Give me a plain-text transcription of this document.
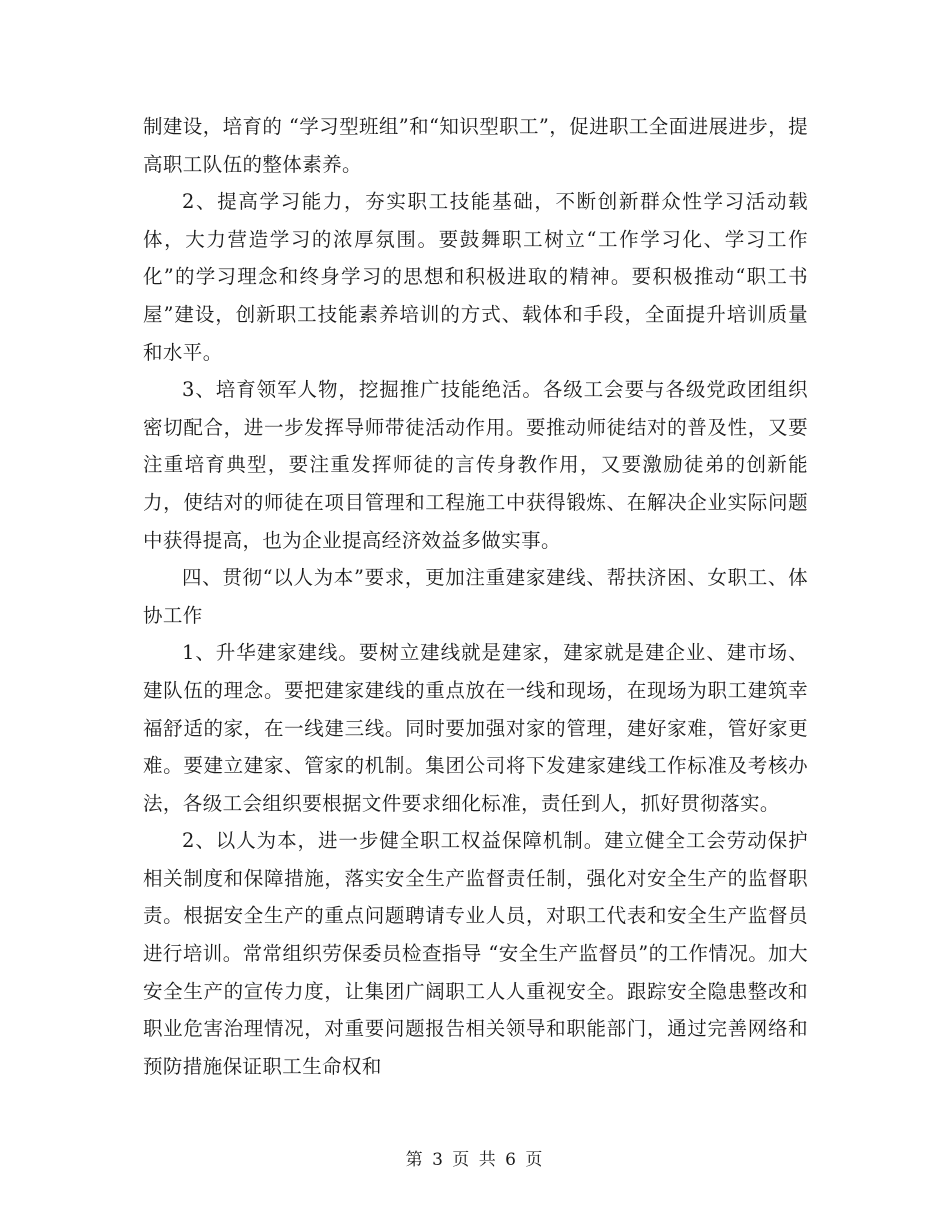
制建设，培育的 “学习型班组”和“知识型职工”，促进职工全面进展进步，提高职工队伍的整体素养。

2、提高学习能力，夯实职工技能基础，不断创新群众性学习活动载体，大力营造学习的浓厚氛围。要鼓舞职工树立“工作学习化、学习工作化”的学习理念和终身学习的思想和积极进取的精神。要积极推动“职工书屋”建设，创新职工技能素养培训的方式、载体和手段，全面提升培训质量和水平。

3、培育领军人物，挖掘推广技能绝活。各级工会要与各级党政团组织密切配合，进一步发挥导师带徒活动作用。要推动师徒结对的普及性，又要注重培育典型，要注重发挥师徒的言传身教作用，又要激励徒弟的创新能力，使结对的师徒在项目管理和工程施工中获得锻炼、在解决企业实际问题中获得提高，也为企业提高经济效益多做实事。

四、贯彻“以人为本”要求，更加注重建家建线、帮扶济困、女职工、体协工作

1、升华建家建线。要树立建线就是建家，建家就是建企业、建市场、建队伍的理念。要把建家建线的重点放在一线和现场，在现场为职工建筑幸福舒适的家，在一线建三线。同时要加强对家的管理，建好家难，管好家更难。要建立建家、管家的机制。集团公司将下发建家建线工作标准及考核办法，各级工会组织要根据文件要求细化标准，责任到人，抓好贯彻落实。

2、以人为本，进一步健全职工权益保障机制。建立健全工会劳动保护相关制度和保障措施，落实安全生产监督责任制，强化对安全生产的监督职责。根据安全生产的重点问题聘请专业人员，对职工代表和安全生产监督员进行培训。常常组织劳保委员检查指导 “安全生产监督员”的工作情况。加大安全生产的宣传力度，让集团广阔职工人人重视安全。跟踪安全隐患整改和职业危害治理情况，对重要问题报告相关领导和职能部门，通过完善网络和预防措施保证职工生命权和

第 3 页 共 6 页
